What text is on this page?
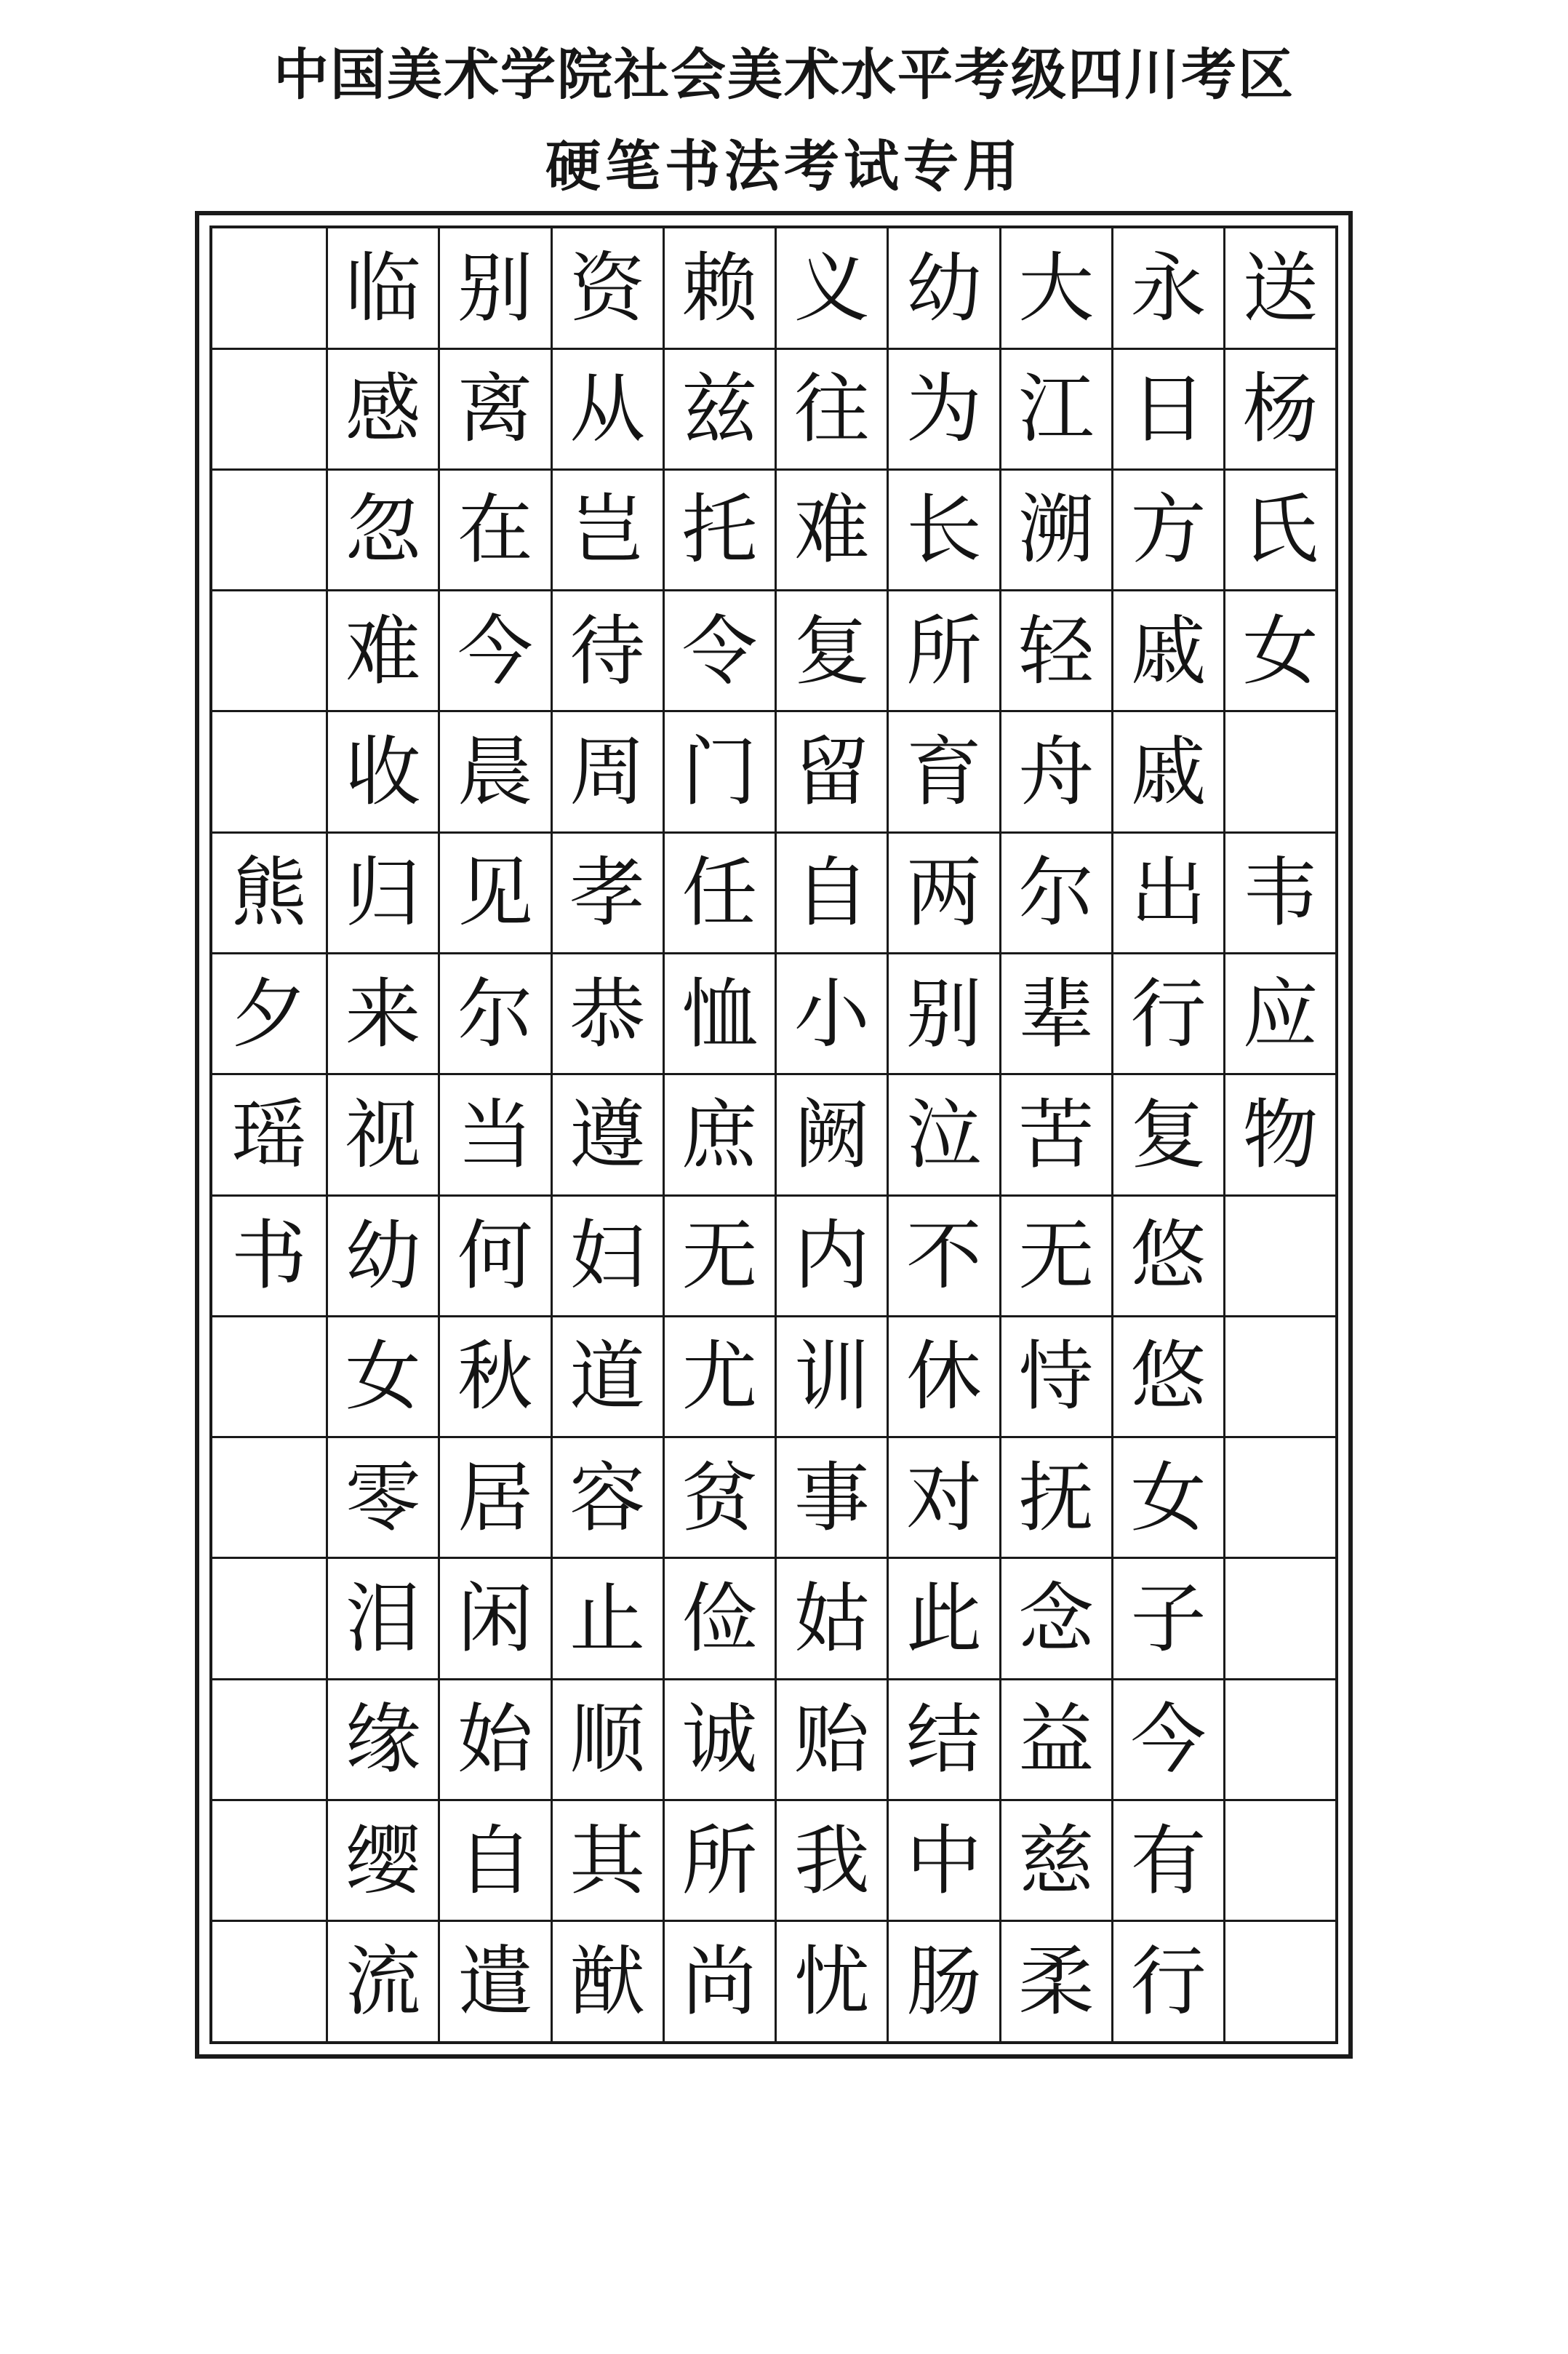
中国美术学院社会美术水平考级四川考区
硬笔书法考试专用
	临	别	资	赖	义	幼	大	永	送
	感	离	从	兹	往	为	江	日	杨
	忽	在	岂	托	难	长	溯	方	氏
	难	今	待	令	复	所	轻	戚	女
	收	晨	周	门	留	育	舟	戚	
熊	归	见	孝	任	自	两	尔	出	韦
夕	来	尔	恭	恤	小	别	辈	行	应
瑶	视	当	遵	庶	阙	泣	苦	复	物
书	幼	何	妇	无	内	不	无	悠	
	女	秋	道	尤	训	休	恃	悠	
	零	居	容	贫	事	对	抚	女	
	泪	闲	止	俭	姑	此	念	子	
	缘	始	顺	诚	贻	结	益	今	
	缨	自	其	所	我	中	慈	有	
	流	遣	猷	尚	忧	肠	柔	行	
